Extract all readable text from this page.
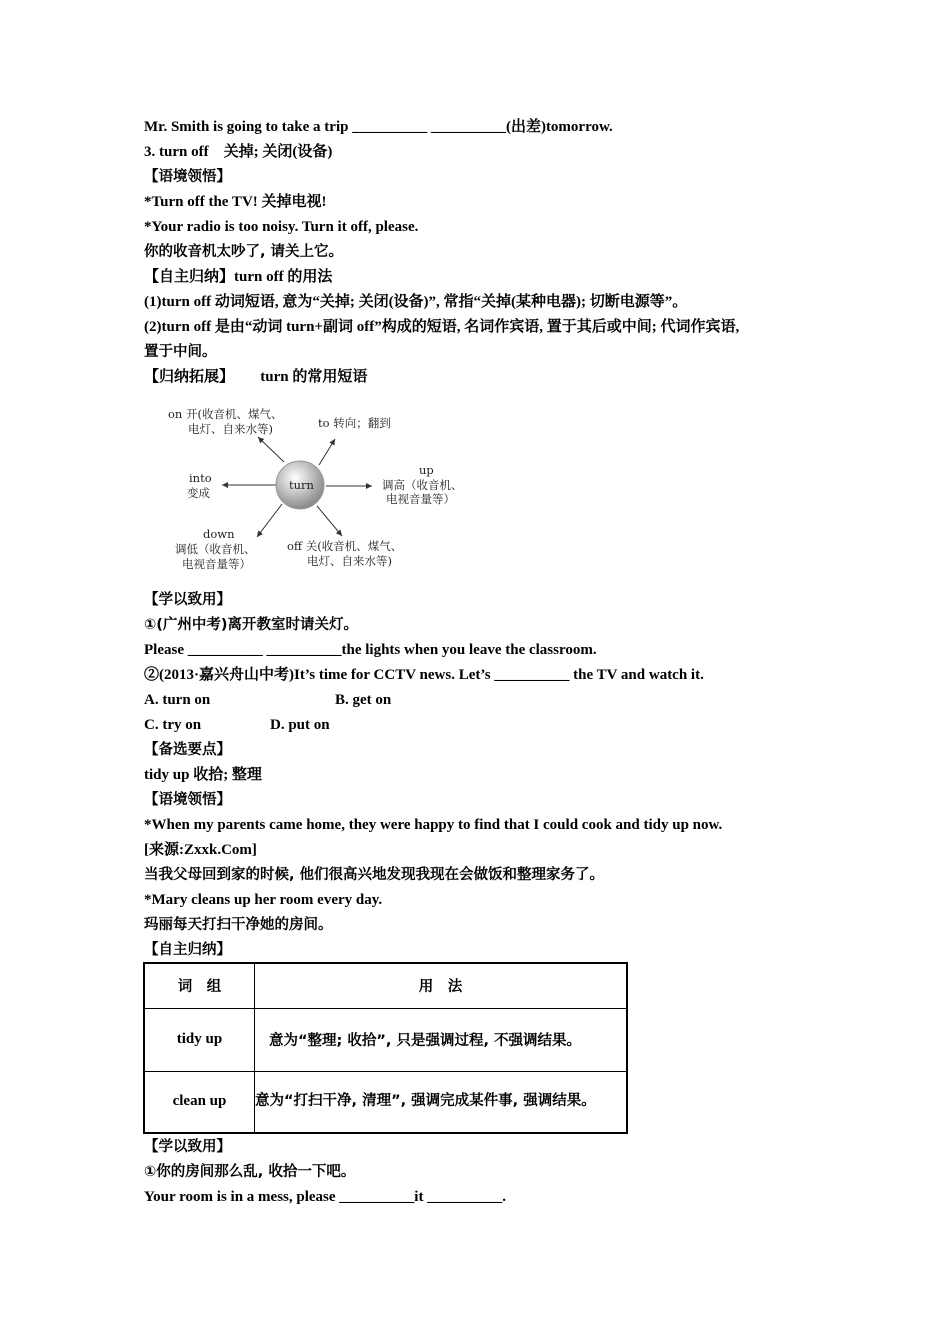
Mr. Smith is going to take a trip __________ __________(出差)tomorrow.
3. turn off　关掉; 关闭(设备)
【语境领悟】
*Turn off the TV! 关掉电视!
*Your radio is too noisy. Turn it off, please.
你的收音机太吵了, 请关上它。
【自主归纳】turn off 的用法
(1)turn off 动词短语, 意为“关掉; 关闭(设备)”, 常指“关掉(某种电器); 切断电源等”。
(2)turn off 是由“动词 turn+副词 off”构成的短语, 名词作宾语, 置于其后或中间; 代词作宾语,
置于中间。
【归纳拓展】　　 turn 的常用短语
turn
on 开(收音机、煤气、
电灯、自来水等)	to 转向；翻到
into
变成
up
调高（收音机、
电视音量等）
down
调低（收音机、
电视音量等）
off 关(收音机、煤气、
电灯、自来水等)
【学以致用】
①(广州中考)离开教室时请关灯。
Please __________ __________the lights when you leave the classroom.
②(2013·嘉兴舟山中考)It’s time for CCTV news. Let’s __________ the TV and watch it.
A. turn on	B. get on
C. try on	D. put on
【备选要点】
tidy up 收拾; 整理
【语境领悟】
*When my parents came home, they were happy to find that I could cook and tidy up now.
[来源:Zxxk.Com]
当我父母回到家的时候, 他们很高兴地发现我现在会做饭和整理家务了。
*Mary cleans up her room every day.
玛丽每天打扫干净她的房间。
【自主归纳】
词　组	用　法
tidy up	意为“整理; 收拾”, 只是强调过程, 不强调结果。
clean up	意为“打扫干净, 清理”, 强调完成某件事, 强调结果。
【学以致用】
①你的房间那么乱, 收拾一下吧。
Your room is in a mess, please __________it __________.
